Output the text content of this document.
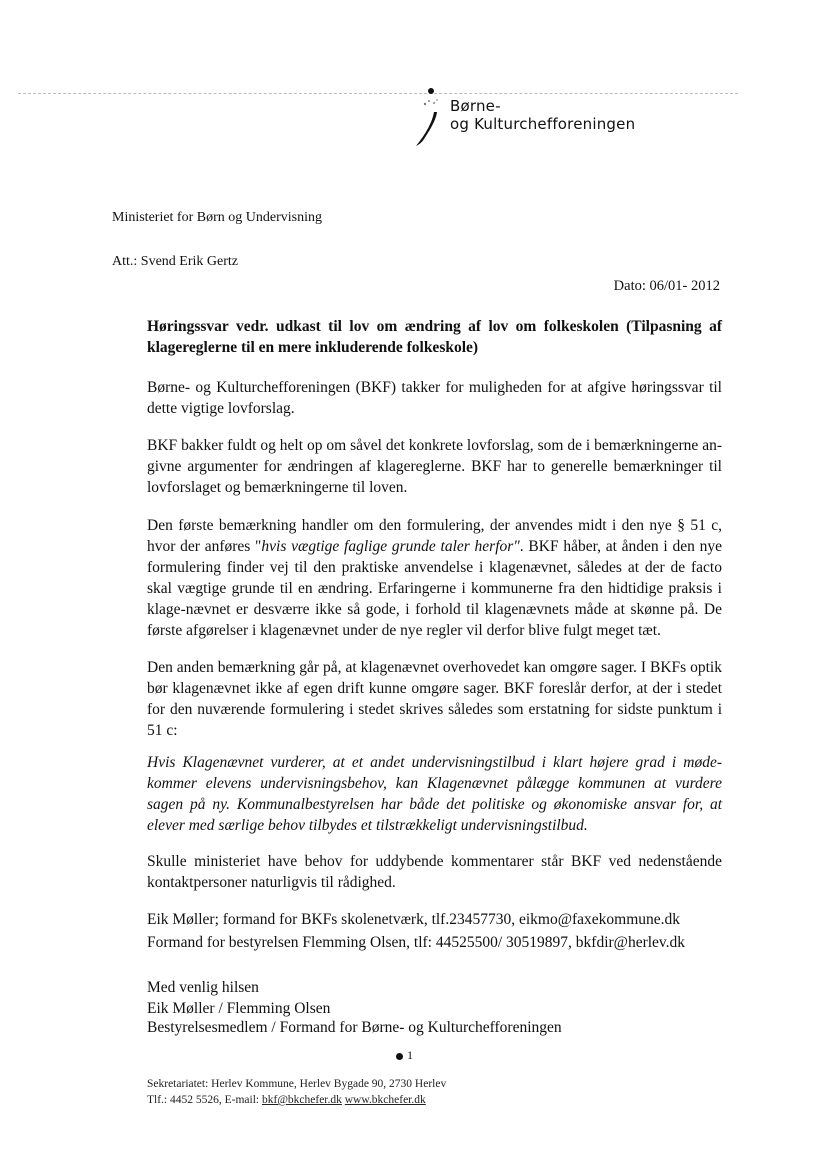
Børne-
og Kulturchefforeningen
Ministeriet for Børn og Undervisning
Att.: Svend Erik Gertz
Dato: 06/01- 2012
Høringssvar vedr. udkast til lov om ændring af lov om folkeskolen (Tilpasning af klagereglerne til en mere inkluderende folkeskole)

Børne- og Kulturchefforeningen (BKF) takker for muligheden for at afgive høringssvar til dette vigtige lovforslag.

BKF bakker fuldt og helt op om såvel det konkrete lovforslag, som de i bemærkningerne an-givne argumenter for ændringen af klagereglerne. BKF har to generelle bemærkninger til lovforslaget og bemærkningerne til loven.

Den første bemærkning handler om den formulering, der anvendes midt i den nye § 51 c, hvor der anføres "hvis vægtige faglige grunde taler herfor". BKF håber, at ånden i den nye formulering finder vej til den praktiske anvendelse i klagenævnet, således at der de facto skal vægtige grunde til en ændring. Erfaringerne i kommunerne fra den hidtidige praksis i klage-nævnet er desværre ikke så gode, i forhold til klagenævnets måde at skønne på. De første afgørelser i klagenævnet under de nye regler vil derfor blive fulgt meget tæt.

Den anden bemærkning går på, at klagenævnet overhovedet kan omgøre sager. I BKFs optik bør klagenævnet ikke af egen drift kunne omgøre sager. BKF foreslår derfor, at der i stedet for den nuværende formulering i stedet skrives således som erstatning for sidste punktum i 51 c:

Hvis Klagenævnet vurderer, at et andet undervisningstilbud i klart højere grad i møde-kommer elevens undervisningsbehov, kan Klagenævnet pålægge kommunen at vurdere sagen på ny. Kommunalbestyrelsen har både det politiske og økonomiske ansvar for, at elever med særlige behov tilbydes et tilstrækkeligt undervisningstilbud.

Skulle ministeriet have behov for uddybende kommentarer står BKF ved nedenstående kontaktpersoner naturligvis til rådighed.

Eik Møller; formand for BKFs skolenetværk, tlf.23457730, eikmo@faxekommune.dk
Formand for bestyrelsen Flemming Olsen, tlf: 44525500/ 30519897, bkfdir@herlev.dk
Med venlig hilsen
Eik Møller / Flemming Olsen
Bestyrelsesmedlem / Formand for Børne- og Kulturchefforeningen
1
Sekretariatet: Herlev Kommune, Herlev Bygade 90, 2730 Herlev
Tlf.: 4452 5526, E-mail: bkf@bkchefer.dk www.bkchefer.dk
